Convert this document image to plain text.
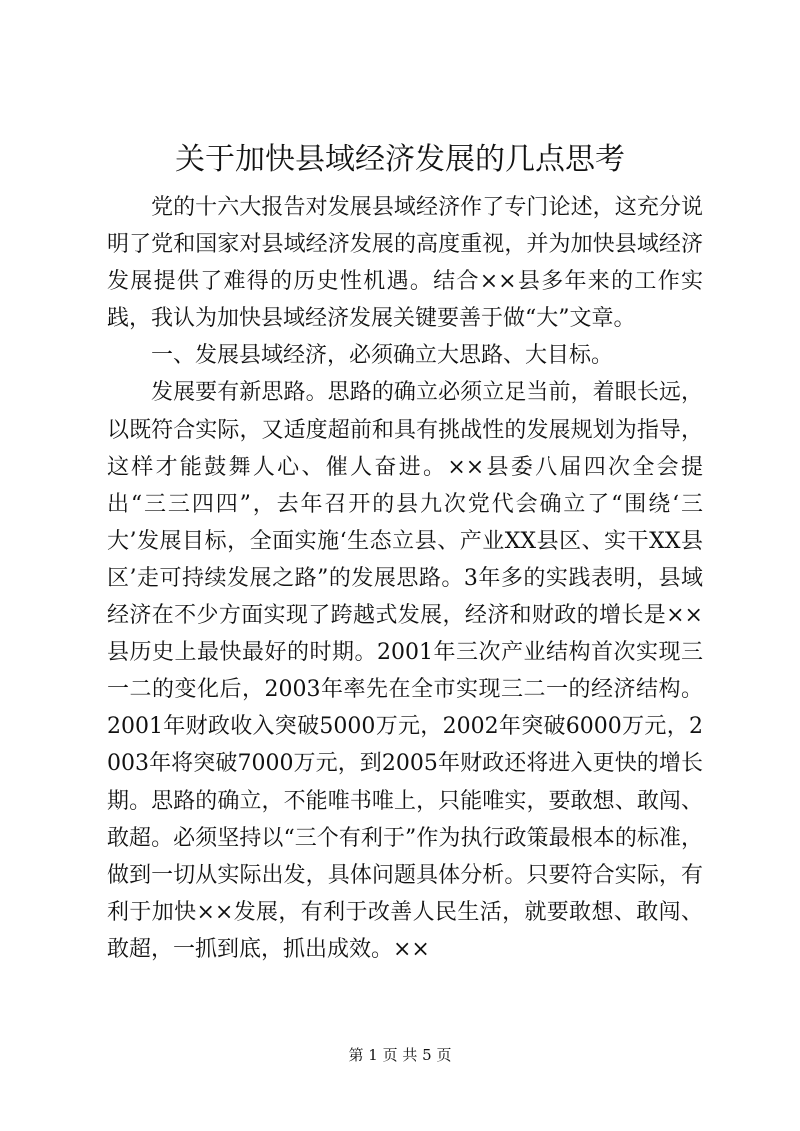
关于加快县域经济发展的几点思考

党的十六大报告对发展县域经济作了专门论述，这充分说明了党和国家对县域经济发展的高度重视，并为加快县域经济发展提供了难得的历史性机遇。结合××县多年来的工作实践，我认为加快县域经济发展关键要善于做“大”文章。

一、发展县域经济，必须确立大思路、大目标。

发展要有新思路。思路的确立必须立足当前，着眼长远，以既符合实际，又适度超前和具有挑战性的发展规划为指导，这样才能鼓舞人心、催人奋进。××县委八届四次全会提出“三三四四”，去年召开的县九次党代会确立了“围绕‘三大’发展目标，全面实施‘生态立县、产业XX县区、实干XX县区’走可持续发展之路”的发展思路。3年多的实践表明，县域经济在不少方面实现了跨越式发展，经济和财政的增长是××县历史上最快最好的时期。2001年三次产业结构首次实现三一二的变化后，2003年率先在全市实现三二一的经济结构。2001年财政收入突破5000万元，2002年突破6000万元，2003年将突破7000万元，到2005年财政还将进入更快的增长期。思路的确立，不能唯书唯上，只能唯实，要敢想、敢闯、敢超。必须坚持以“三个有利于”作为执行政策最根本的标准，做到一切从实际出发，具体问题具体分析。只要符合实际，有利于加快××发展，有利于改善人民生活，就要敢想、敢闯、敢超，一抓到底，抓出成效。××

第 1 页 共 5 页
